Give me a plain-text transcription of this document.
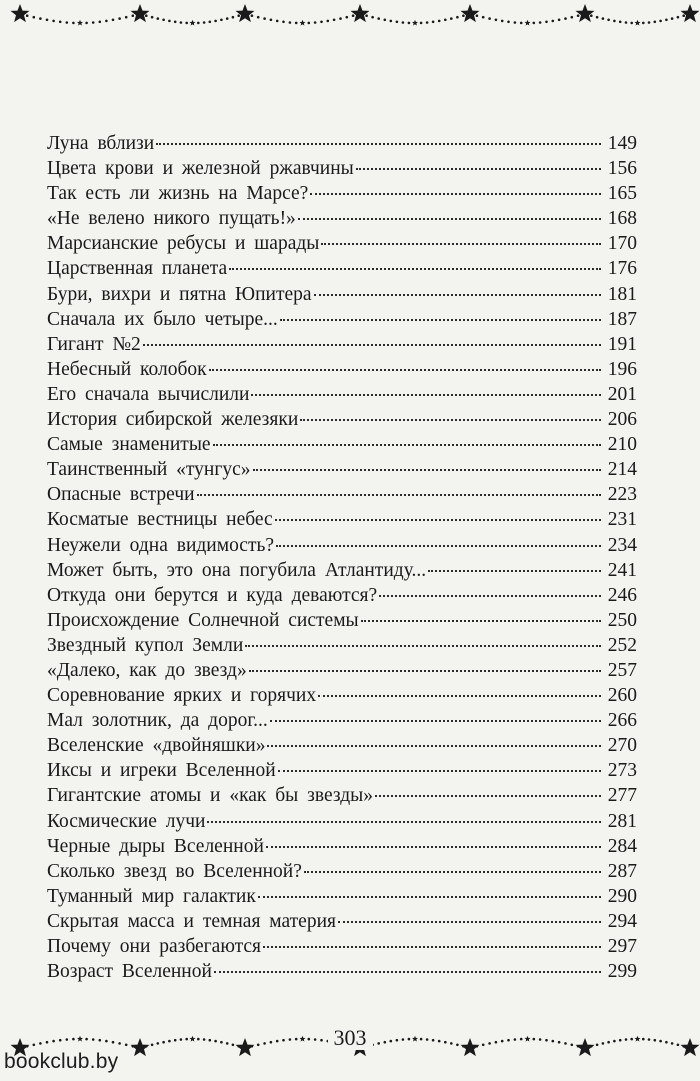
Луна вблизи	149
Цвета крови и железной ржавчины	156
Так есть ли жизнь на Марсе?	165
«Не велено никого пущать!»	168
Марсианские ребусы и шарады	170
Царственная планета	176
Бури, вихри и пятна Юпитера	181
Сначала их было четыре...	187
Гигант №2	191
Небесный колобок	196
Его сначала вычислили	201
История сибирской железяки	206
Самые знаменитые	210
Таинственный «тунгус»	214
Опасные встречи	223
Косматые вестницы небес	231
Неужели одна видимость?	234
Может быть, это она погубила Атлантиду...	241
Откуда они берутся и куда деваются?	246
Происхождение Солнечной системы	250
Звездный купол Земли	252
«Далеко, как до звезд»	257
Соревнование ярких и горячих	260
Мал золотник, да дорог...	266
Вселенские «двойняшки»	270
Иксы и игреки Вселенной	273
Гигантские атомы и «как бы звезды»	277
Космические лучи	281
Черные дыры Вселенной	284
Сколько звезд во Вселенной?	287
Туманный мир галактик	290
Скрытая масса и темная материя	294
Почему они разбегаются	297
Возраст Вселенной	299
303
bookclub.by
